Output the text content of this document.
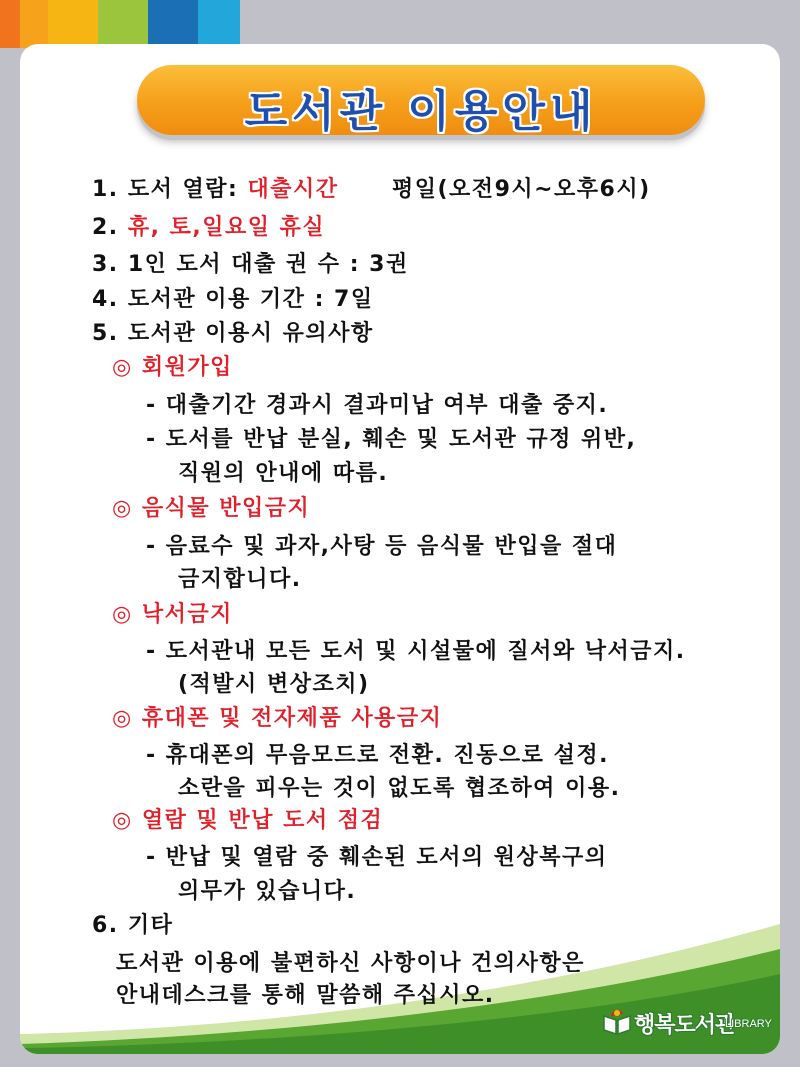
도서관 이용안내
1. 도서 열람: 대출시간 평일(오전9시~오후6시)
2. 휴, 토,일요일 휴실
3. 1인 도서 대출 권 수 : 3권
4. 도서관 이용 기간 : 7일
5. 도서관 이용시 유의사항
◎ 회원가입
- 대출기간 경과시 결과미납 여부 대출 중지.
- 도서를 반납 분실, 훼손 및 도서관 규정 위반,
직원의 안내에 따름.
◎ 음식물 반입금지
- 음료수 및 과자,사탕 등 음식물 반입을 절대
금지합니다.
◎ 낙서금지
- 도서관내 모든 도서 및 시설물에 질서와 낙서금지.
(적발시 변상조치)
◎ 휴대폰 및 전자제품 사용금지
- 휴대폰의 무음모드로 전환. 진동으로 설정.
소란을 피우는 것이 없도록 협조하여 이용.
◎ 열람 및 반납 도서 점검
- 반납 및 열람 중 훼손된 도서의 원상복구의
의무가 있습니다.
6. 기타
도서관 이용에 불편하신 사항이나 건의사항은
안내데스크를 통해 말씀해 주십시오.
행복도서관
LIBRARY
